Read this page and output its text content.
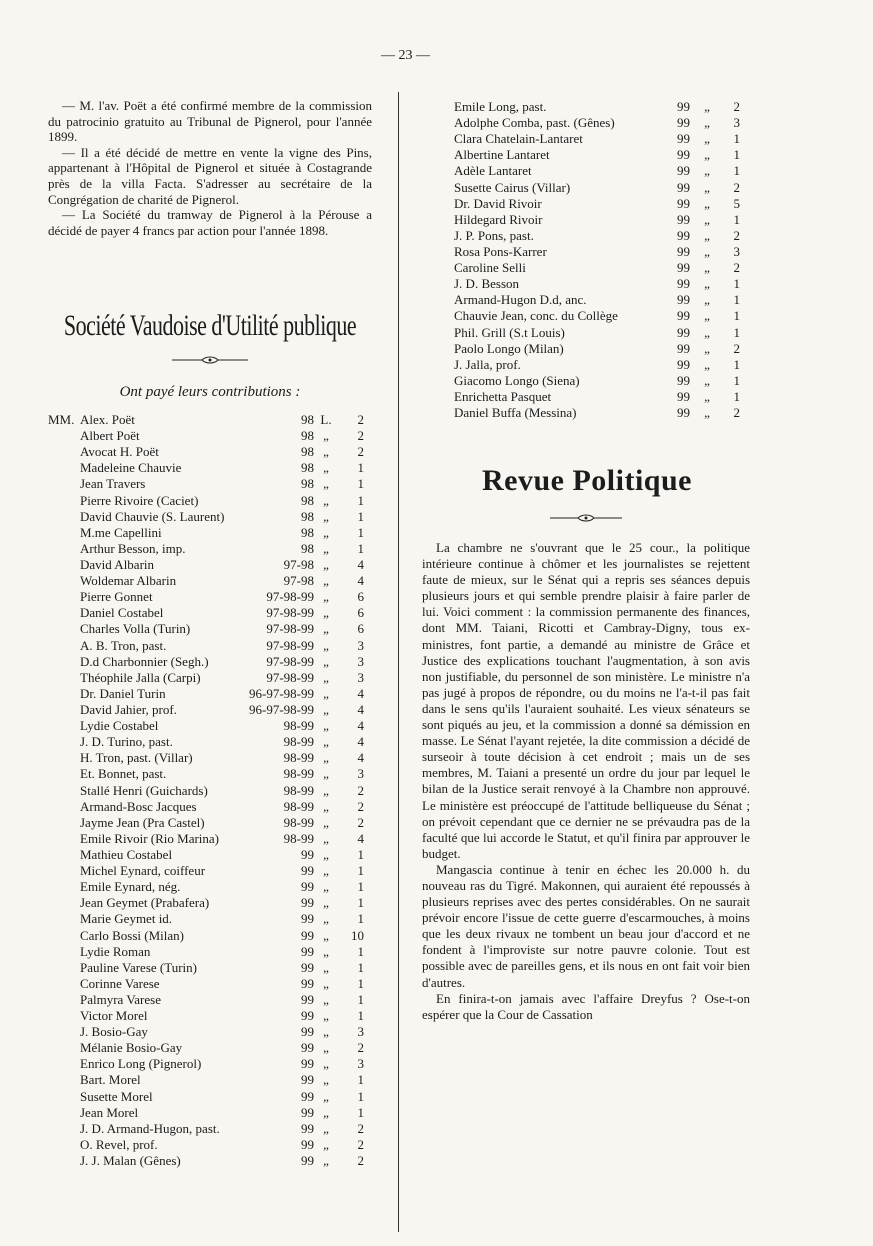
— 23 —

— M. l'av. Poët a été confirmé membre de la commission du patrocinio gratuito au Tribunal de Pignerol, pour l'année 1899.

— Il a été décidé de mettre en vente la vigne des Pins, appartenant à l'Hôpital de Pignerol et située à Costagrande près de la villa Facta. S'adresser au secrétaire de la Congrégation de charité de Pignerol.

— La Société du tramway de Pignerol à la Pérouse a décidé de payer 4 francs par action pour l'année 1898.

Société Vaudoise d'Utilité publique
Ont payé leurs contributions :
MM. Alex. Poët	98 L.	2
Albert Poët	98 „	2
Avocat H. Poët	98 „	2
Madeleine Chauvie	98 „	1
Jean Travers	98 „	1
Pierre Rivoire (Caciet)	98 „	1
David Chauvie (S. Laurent)	98 „	1
M.me Capellini	98 „	1
Arthur Besson, imp.	98 „	1
David Albarin	97-98 „	4
Woldemar Albarin	97-98 „	4
Pierre Gonnet	97-98-99 „	6
Daniel Costabel	97-98-99 „	6
Charles Volla (Turin)	97-98-99 „	6
A. B. Tron, past.	97-98-99 „	3
D.d Charbonnier (Segh.)	97-98-99 „	3
Théophile Jalla (Carpi)	97-98-99 „	3
Dr. Daniel Turin	96-97-98-99 „	4
David Jahier, prof.	96-97-98-99 „	4
Lydie Costabel	98-99 „	4
J. D. Turino, past.	98-99 „	4
H. Tron, past. (Villar)	98-99 „	4
Et. Bonnet, past.	98-99 „	3
Stallé Henri (Guichards)	98-99 „	2
Armand-Bosc Jacques	98-99 „	2
Jayme Jean (Pra Castel)	98-99 „	2
Emile Rivoir (Rio Marina)	98-99 „	4
Mathieu Costabel	99 „	1
Michel Eynard, coiffeur	99 „	1
Emile Eynard, nég.	99 „	1
Jean Geymet (Prabafera)	99 „	1
Marie Geymet id.	99 „	1
Carlo Bossi (Milan)	99 „	10
Lydie Roman	99 „	1
Pauline Varese (Turin)	99 „	1
Corinne Varese	99 „	1
Palmyra Varese	99 „	1
Victor Morel	99 „	1
J. Bosio-Gay	99 „	3
Mélanie Bosio-Gay	99 „	2
Enrico Long (Pignerol)	99 „	3
Bart. Morel	99 „	1
Susette Morel	99 „	1
Jean Morel	99 „	1
J. D. Armand-Hugon, past.	99 „	2
O. Revel, prof.	99 „	2
J. J. Malan (Gênes)	99 „	2
Emile Long, past.	99 „	2
Adolphe Comba, past. (Gênes)	99 „	3
Clara Chatelain-Lantaret	99 „	1
Albertine Lantaret	99 „	1
Adèle Lantaret	99 „	1
Susette Cairus (Villar)	99 „	2
Dr. David Rivoir	99 „	5
Hildegard Rivoir	99 „	1
J. P. Pons, past.	99 „	2
Rosa Pons-Karrer	99 „	3
Caroline Selli	99 „	2
J. D. Besson	99 „	1
Armand-Hugon D.d, anc.	99 „	1
Chauvie Jean, conc. du Collège	99 „	1
Phil. Grill (S.t Louis)	99 „	1
Paolo Longo (Milan)	99 „	2
J. Jalla, prof.	99 „	1
Giacomo Longo (Siena)	99 „	1
Enrichetta Pasquet	99 „	1
Daniel Buffa (Messina)	99 „	2
Revue Politique

La chambre ne s'ouvrant que le 25 cour., la politique intérieure continue à chômer et les journalistes se rejettent faute de mieux, sur le Sénat qui a repris ses séances depuis plusieurs jours et qui semble prendre plaisir à faire parler de lui. Voici comment : la commission permanente des finances, dont MM. Taiani, Ricotti et Cambray-Digny, tous ex-ministres, font partie, a demandé au ministre de Grâce et Justice des explications touchant l'augmentation, à son avis non justifiable, du personnel de son ministère. Le ministre n'a pas jugé à propos de répondre, ou du moins ne l'a-t-il pas fait dans le sens qu'ils l'auraient souhaité. Les vieux sénateurs se sont piqués au jeu, et la commission a donné sa démission en masse. Le Sénat l'ayant rejetée, la dite commission a décidé de surseoir à toute décision à cet endroit ; mais un de ses membres, M. Taiani a presenté un ordre du jour par lequel le bilan de la Justice serait renvoyé à la Chambre non approuvé. Le ministère est préoccupé de l'attitude belliqueuse du Sénat ; on prévoit cependant que ce dernier ne se prévaudra pas de la faculté que lui accorde le Statut, et qu'il finira par approuver le budget.

Mangascia continue à tenir en échec les 20.000 h. du nouveau ras du Tigré. Makonnen, qui auraient été repoussés à plusieurs reprises avec des pertes considérables. On ne saurait prévoir encore l'issue de cette guerre d'escarmouches, à moins que les deux rivaux ne tombent un beau jour d'accord et ne fondent à l'improviste sur notre pauvre colonie. Tout est possible avec de pareilles gens, et ils nous en ont fait voir bien d'autres.

En finira-t-on jamais avec l'affaire Dreyfus ? Ose-t-on espérer que la Cour de Cassation
